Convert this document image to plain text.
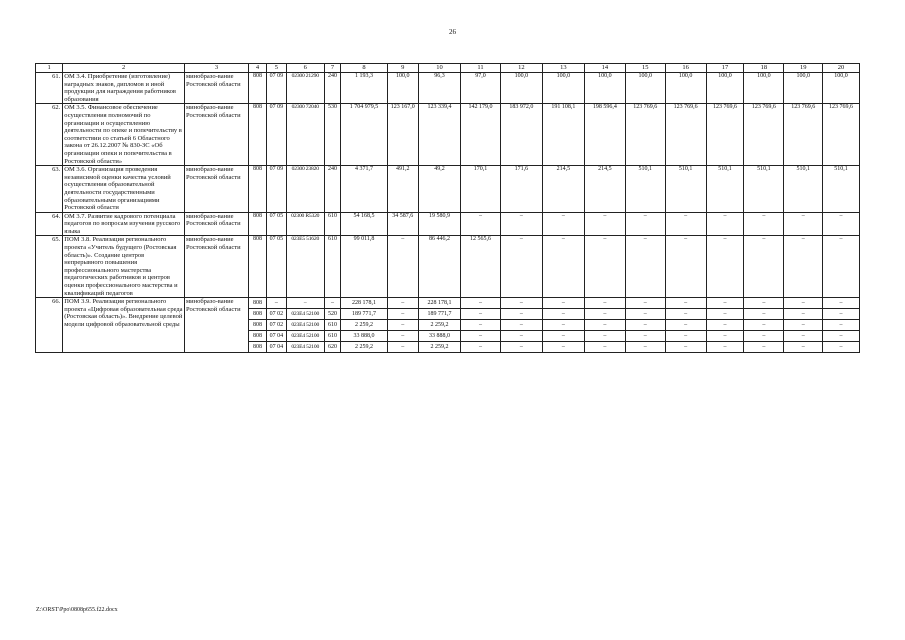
26
1	2	3	4	5	6	7	8	9	10	11	12	13	14	15	16	17	18	19	20
61.	ОМ 3.4. Приобретение (изготовление) наградных знаков, дипломов и иной продукции для награждения работников образования	минобразо-вание Ростовской области	808	07 09	02300 21290	240	1 193,3	100,0	96,3	97,0	100,0	100,0	100,0	100,0	100,0	100,0	100,0	100,0	100,0
62.	ОМ 3.5. Финансовое обеспечение осуществления полномочий по организации и осуществлению деятельности по опеке и попечительству в соответствии со статьей 6 Областного закона от 26.12.2007 № 830-ЗС «Об организации опеки и попечительства в Ростовской области»	минобразо-вание Ростовской области	808	07 09	02300 72040	530	1 704 979,5	123 167,0	123 339,4	142 179,0	183 972,0	191 108,1	198 596,4	123 769,6	123 769,6	123 769,6	123 769,6	123 769,6	123 769,6
63.	ОМ 3.6. Организация проведения независимой оценки качества условий осуществления образовательной деятельности государственными образовательными организациями Ростовской области	минобразо-вание Ростовской области	808	07 09	02300 23820	240	4 371,7	491,2	49,2	170,1	171,6	214,5	214,5	510,1	510,1	510,1	510,1	510,1	510,1
64.	ОМ 3.7. Развитие кадрового потенциала педагогов по вопросам изучения русского языка	минобразо-вание Ростовской области	808	07 05	02300 R5320	610	54 168,5	34 587,6	19 580,9	–	–	–	–	–	–	–	–	–	–
65.	ПОМ 3.8. Реализация регионального проекта «Учитель будущего (Ростовская область)». Создание центров непрерывного повышения профессионального мастерства педагогических работников и центров оценки профессионального мастерства и квалификаций педагогов	минобразо-вание Ростовской области	808	07 05	023E5 51620	610	99 011,8	–	86 446,2	12 565,6	–	–	–	–	–	–	–	–	–
66.	ПОМ 3.9. Реализация регионального проекта «Цифровая образовательная среда (Ростовская область)». Внедрение целевой модели цифровой образовательной среды	минобразо-вание Ростовской области	808	–	–	–	228 178,1	–	228 178,1	–	–	–	–	–	–	–	–	–	–
			808	07 02	023E4 52100	520	189 771,7	–	189 771,7	–	–	–	–	–	–	–	–	–	–
			808	07 02	023E4 52100	610	2 259,2	–	2 259,2	–	–	–	–	–	–	–	–	–	–
			808	07 04	023E4 52100	610	33 888,0	–	33 888,0	–	–	–	–	–	–	–	–	–	–
			808	07 04	023E4 52100	620	2 259,2	–	2 259,2	–	–	–	–	–	–	–	–	–	–
Z:\ORST\Ppo\0808p655.f22.docx
